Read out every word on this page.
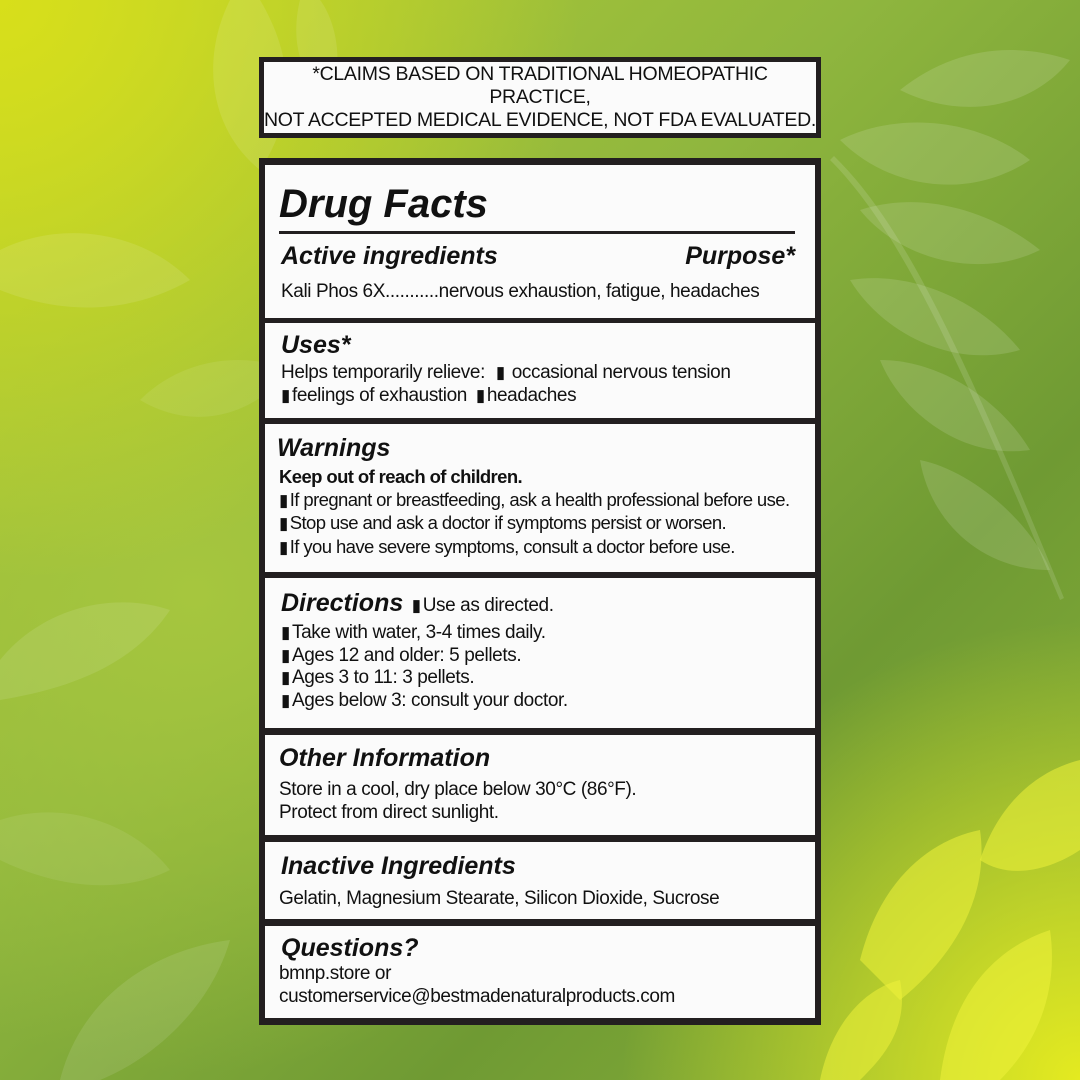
*CLAIMS BASED ON TRADITIONAL HOMEOPATHIC PRACTICE,
NOT ACCEPTED MEDICAL EVIDENCE, NOT FDA EVALUATED.
Drug Facts
Active ingredients	Purpose*
Kali Phos 6X...........nervous exhaustion, fatigue, headaches
Uses*
Helps temporarily relieve: ▮ occasional nervous tension
▮ feelings of exhaustion ▮ headaches
Warnings
Keep out of reach of children.
▮ If pregnant or breastfeeding, ask a health professional before use.
▮ Stop use and ask a doctor if symptoms persist or worsen.
▮ If you have severe symptoms, consult a doctor before use.
Directions ▮ Use as directed.
▮ Take with water, 3-4 times daily.
▮ Ages 12 and older: 5 pellets.
▮ Ages 3 to 11: 3 pellets.
▮ Ages below 3: consult your doctor.
Other Information
Store in a cool, dry place below 30°C (86°F).
Protect from direct sunlight.
Inactive Ingredients
Gelatin, Magnesium Stearate, Silicon Dioxide, Sucrose
Questions?
bmnp.store or
customerservice@bestmadenaturalproducts.com
